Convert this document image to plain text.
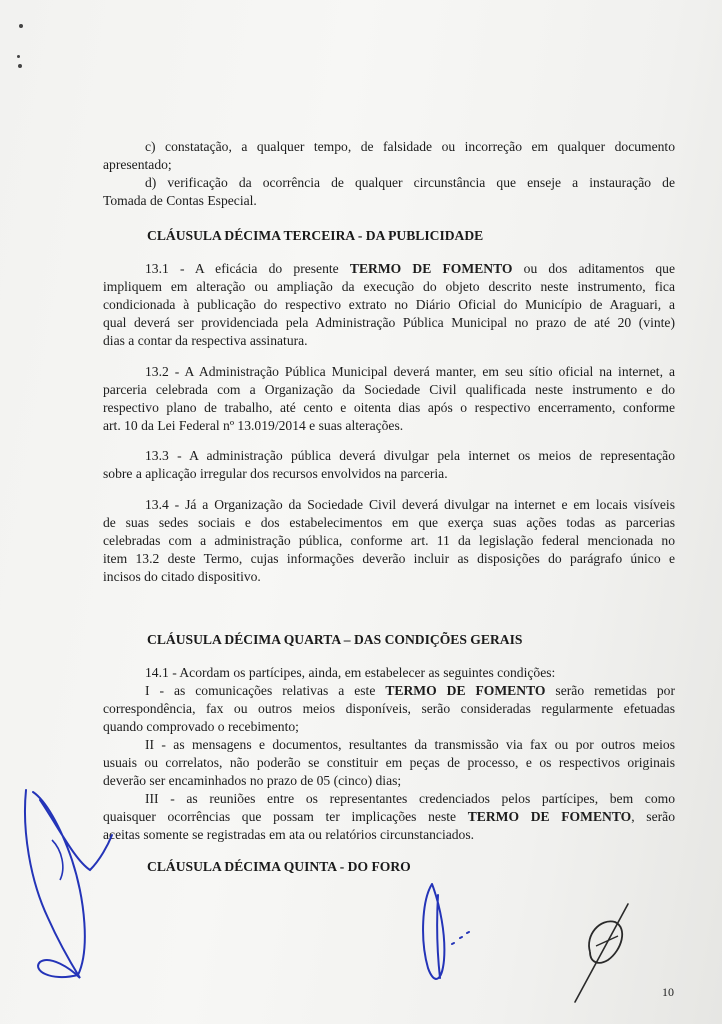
c) constatação, a qualquer tempo, de falsidade ou incorreção em qualquer documento
apresentado;
d) verificação da ocorrência de qualquer circunstância que enseje a instauração de
Tomada de Contas Especial.
CLÁUSULA DÉCIMA TERCEIRA - DA PUBLICIDADE
13.1 - A eficácia do presente TERMO DE FOMENTO ou dos aditamentos que
impliquem em alteração ou ampliação da execução do objeto descrito neste instrumento, fica
condicionada à publicação do respectivo extrato no Diário Oficial do Município de Araguari, a
qual deverá ser providenciada pela Administração Pública Municipal no prazo de até 20 (vinte)
dias a contar da respectiva assinatura.
13.2 - A Administração Pública Municipal deverá manter, em seu sítio oficial na internet, a
parceria celebrada com a Organização da Sociedade Civil qualificada neste instrumento e do
respectivo plano de trabalho, até cento e oitenta dias após o respectivo encerramento, conforme
art. 10 da Lei Federal nº 13.019/2014 e suas alterações.
13.3 - A administração pública deverá divulgar pela internet os meios de representação
sobre a aplicação irregular dos recursos envolvidos na parceria.
13.4 - Já a Organização da Sociedade Civil deverá divulgar na internet e em locais visíveis
de suas sedes sociais e dos estabelecimentos em que exerça suas ações todas as parcerias
celebradas com a administração pública, conforme art. 11 da legislação federal mencionada no
item 13.2 deste Termo, cujas informações deverão incluir as disposições do parágrafo único e
incisos do citado dispositivo.
CLÁUSULA DÉCIMA QUARTA – DAS CONDIÇÕES GERAIS
14.1 - Acordam os partícipes, ainda, em estabelecer as seguintes condições:
I - as comunicações relativas a este TERMO DE FOMENTO serão remetidas por
correspondência, fax ou outros meios disponíveis, serão consideradas regularmente efetuadas
quando comprovado o recebimento;
II - as mensagens e documentos, resultantes da transmissão via fax ou por outros meios
usuais ou correlatos, não poderão se constituir em peças de processo, e os respectivos originais
deverão ser encaminhados no prazo de 05 (cinco) dias;
III - as reuniões entre os representantes credenciados pelos partícipes, bem como
quaisquer ocorrências que possam ter implicações neste TERMO DE FOMENTO, serão
aceitas somente se registradas em ata ou relatórios circunstanciados.
CLÁUSULA DÉCIMA QUINTA - DO FORO
10
